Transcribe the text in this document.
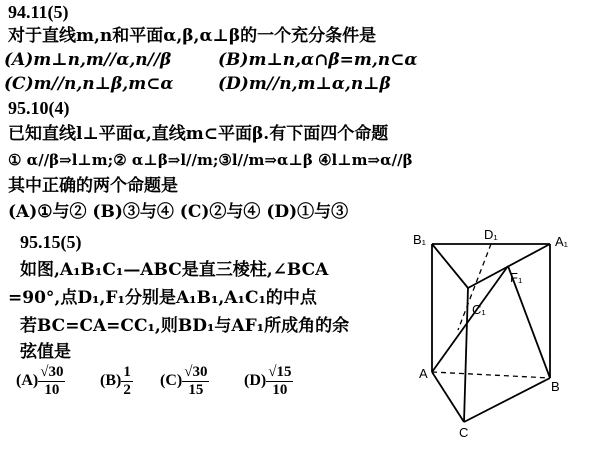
94.11(5)
对于直线m,n和平面α,β,α⊥β的一个充分条件是
(A)m⊥n,m//α,n//β	(B)m⊥n,α∩β=m,n⊂α
(C)m//n,n⊥β,m⊂α	(D)m//n,m⊥α,n⊥β
95.10(4)
已知直线l⊥平面α,直线m⊂平面β.有下面四个命题
① α//β⇒l⊥m;② α⊥β⇒l//m;③l//m⇒α⊥β ④l⊥m⇒α//β
其中正确的两个命题是
(A)①与② (B)③与④ (C)②与④ (D)①与③
95.15(5)
如图,A₁B₁C₁—ABC是直三棱柱,∠BCA
=90°,点D₁,F₁分别是A₁B₁,A₁C₁的中点
若BC=CA=CC₁,则BD₁与AF₁所成角的余
弦值是
$(A) \frac{√30}{10} (B) \frac{1}{2} (C) \frac{√30}{15} (D) \frac{√15}{10}$
B₁	D₁	A₁
F₁
C₁
A
B
C
